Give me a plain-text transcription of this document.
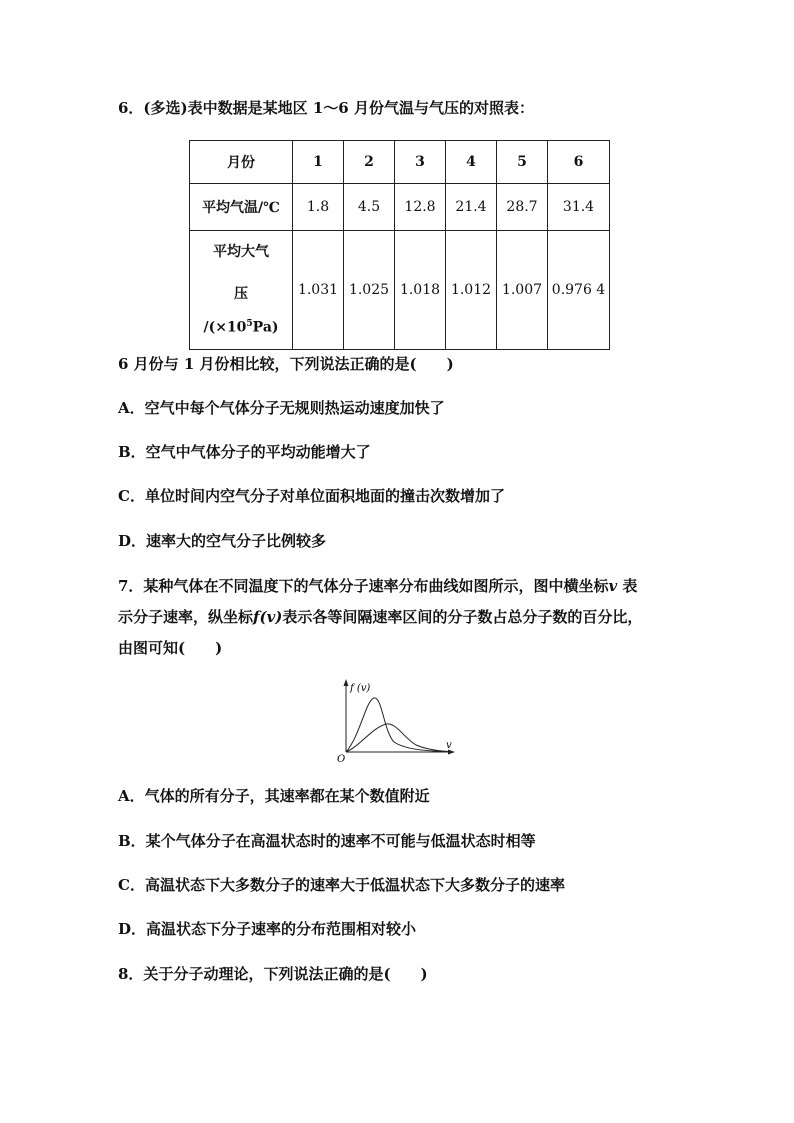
6．(多选)表中数据是某地区 1～6 月份气温与气压的对照表：
月份	1	2	3	4	5	6
平均气温/℃	1.8	4.5	12.8	21.4	28.7	31.4

平均大气
压
$/(\times 10^5Pa)$	1.031	1.025	1.018	1.012	1.007	0.976 4
6 月份与 1 月份相比较，下列说法正确的是(　　)
A．空气中每个气体分子无规则热运动速度加快了
B．空气中气体分子的平均动能增大了
C．单位时间内空气分子对单位面积地面的撞击次数增加了
D．速率大的空气分子比例较多
7．某种气体在不同温度下的气体分子速率分布曲线如图所示，图中横坐标v 表
示分子速率，纵坐标f(v)表示各等间隔速率区间的分子数占总分子数的百分比，
由图可知(　　)
f (v)
v
O
A．气体的所有分子，其速率都在某个数值附近
B．某个气体分子在高温状态时的速率不可能与低温状态时相等
C．高温状态下大多数分子的速率大于低温状态下大多数分子的速率
D．高温状态下分子速率的分布范围相对较小
8．关于分子动理论，下列说法正确的是(　　)
